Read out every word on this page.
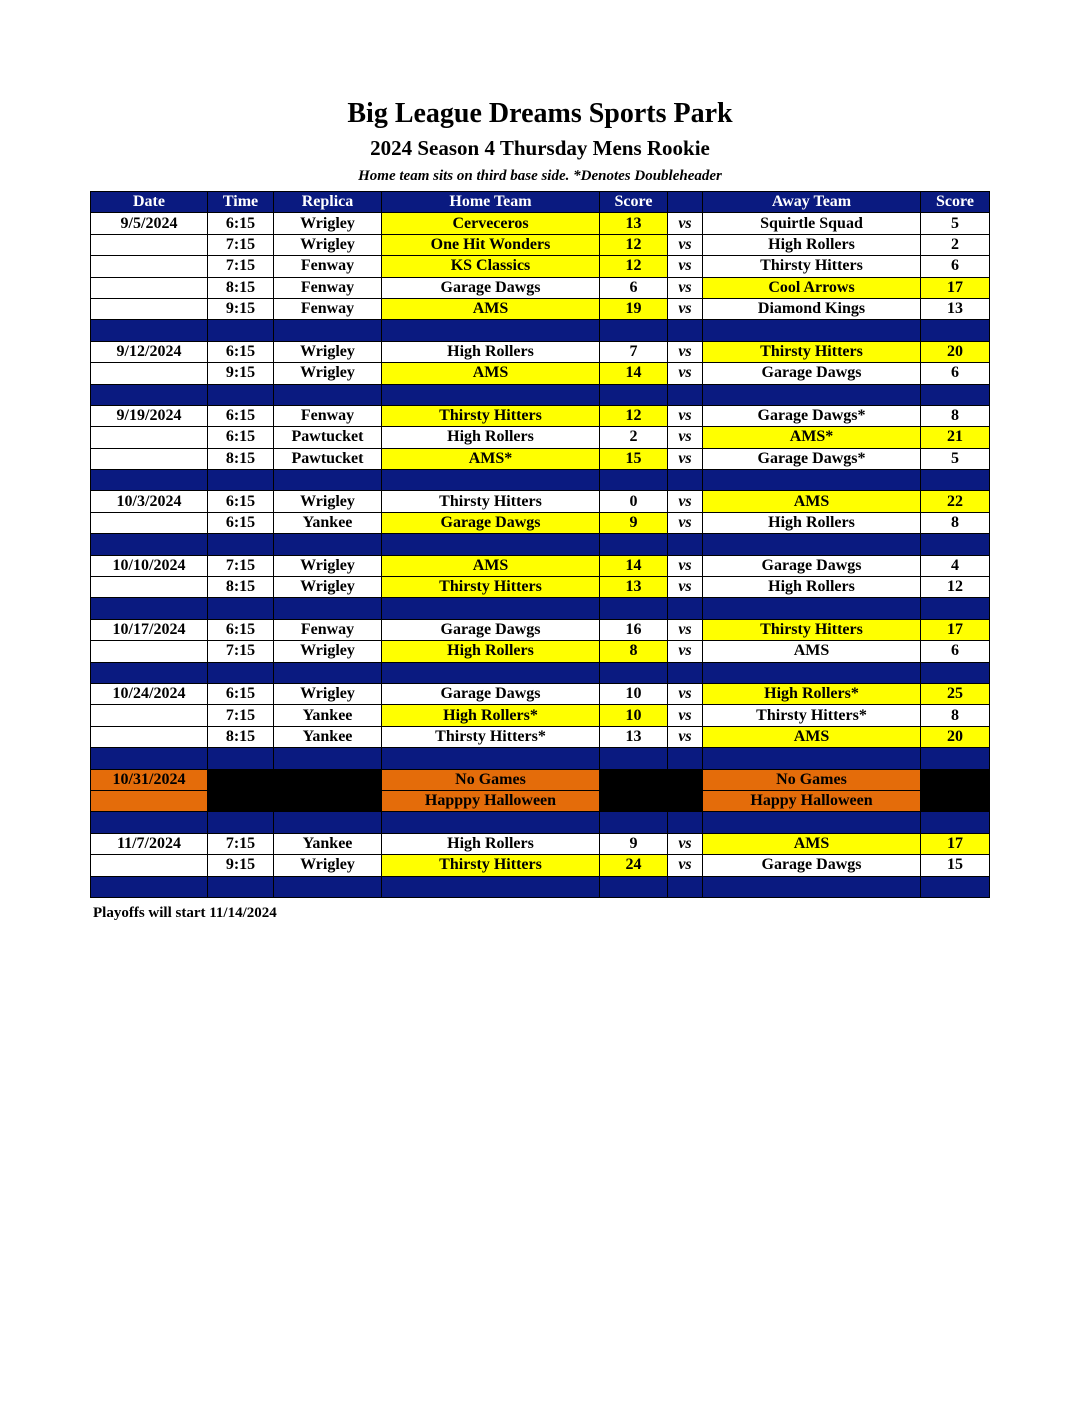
Big League Dreams Sports Park
2024 Season 4 Thursday Mens Rookie
Home team sits on third base side. *Denotes Doubleheader
Date	Time	Replica	Home Team	Score		Away Team	Score
9/5/2024	6:15	Wrigley	Cerveceros	13	vs	Squirtle Squad	5
	7:15	Wrigley	One Hit Wonders	12	vs	High Rollers	2
	7:15	Fenway	KS Classics	12	vs	Thirsty Hitters	6
	8:15	Fenway	Garage Dawgs	6	vs	Cool Arrows	17
	9:15	Fenway	AMS	19	vs	Diamond Kings	13

9/12/2024	6:15	Wrigley	High Rollers	7	vs	Thirsty Hitters	20
	9:15	Wrigley	AMS	14	vs	Garage Dawgs	6

9/19/2024	6:15	Fenway	Thirsty Hitters	12	vs	Garage Dawgs*	8
	6:15	Pawtucket	High Rollers	2	vs	AMS*	21
	8:15	Pawtucket	AMS*	15	vs	Garage Dawgs*	5

10/3/2024	6:15	Wrigley	Thirsty Hitters	0	vs	AMS	22
	6:15	Yankee	Garage Dawgs	9	vs	High Rollers	8

10/10/2024	7:15	Wrigley	AMS	14	vs	Garage Dawgs	4
	8:15	Wrigley	Thirsty Hitters	13	vs	High Rollers	12

10/17/2024	6:15	Fenway	Garage Dawgs	16	vs	Thirsty Hitters	17
	7:15	Wrigley	High Rollers	8	vs	AMS	6

10/24/2024	6:15	Wrigley	Garage Dawgs	10	vs	High Rollers*	25
	7:15	Yankee	High Rollers*	10	vs	Thirsty Hitters*	8
	8:15	Yankee	Thirsty Hitters*	13	vs	AMS	20

10/31/2024			No Games			No Games	
			Happpy Halloween			Happy Halloween	

11/7/2024	7:15	Yankee	High Rollers	9	vs	AMS	17
	9:15	Wrigley	Thirsty Hitters	24	vs	Garage Dawgs	15

Playoffs will start 11/14/2024
